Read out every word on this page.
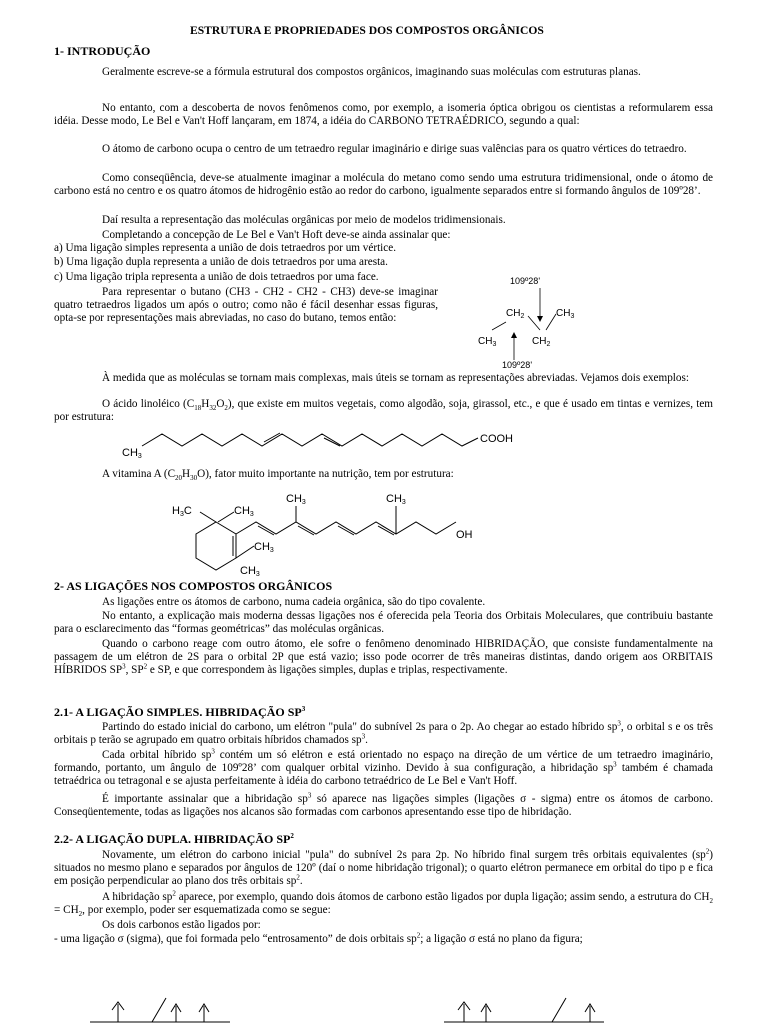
ESTRUTURA E PROPRIEDADES DOS COMPOSTOS ORGÂNICOS
1- INTRODUÇÃO
Geralmente escreve-se a fórmula estrutural dos compostos orgânicos, imaginando suas moléculas com estruturas planas.
No entanto, com a descoberta de novos fenômenos como, por exemplo, a isomeria óptica obrigou os cientistas a reformularem essa idéia. Desse modo, Le Bel e Van't Hoff lançaram, em 1874, a idéia do CARBONO TETRAÉDRICO, segundo a qual:
O átomo de carbono ocupa o centro de um tetraedro regular imaginário e dirige suas valências para os quatro vértices do tetraedro.
Como conseqüência, deve-se atualmente imaginar a molécula do metano como sendo uma estrutura tridimensional, onde o átomo de carbono está no centro e os quatro átomos de hidrogênio estão ao redor do carbono, igualmente separados entre si formando ângulos de 109º28’.
Daí resulta a representação das moléculas orgânicas por meio de modelos tridimensionais.
Completando a concepção de Le Bel e Van't Hoft deve-se ainda assinalar que:
a) Uma ligação simples representa a união de dois tetraedros por um vértice.
b) Uma ligação dupla representa a união de dois tetraedros por uma aresta.
c) Uma ligação tripla representa a união de dois tetraedros por uma face.
Para representar o butano (CH3 - CH2 - CH2 - CH3) deve-se imaginar quatro tetraedros ligados um após o outro; como não é fácil desenhar essas figuras, opta-se por representações mais abreviadas, no caso do butano, temos então:
109º28'
$CH_2$	$CH_3$
$CH_3$	$CH_2$
109º28'
À medida que as moléculas se tornam mais complexas, mais úteis se tornam as representações abreviadas. Vejamos dois exemplos:
O ácido linoléico $(C_{18}H_{32}O_2)$, que existe em muitos vegetais, como algodão, soja, girassol, etc., e que é usado em tintas e vernizes, tem por estrutura:
CH3
COOH
A vitamina A $(C_{20}H_{30}O)$, fator muito importante na nutrição, tem por estrutura:
H3C	CH3
CH3
CH3
CH3	CH3
OH
2- AS LIGAÇÕES NOS COMPOSTOS ORGÂNICOS
As ligações entre os átomos de carbono, numa cadeia orgânica, são do tipo covalente.
No entanto, a explicação mais moderna dessas ligações nos é oferecida pela Teoria dos Orbitais Moleculares, que contribuiu bastante para o esclarecimento das “formas geométricas” das moléculas orgânicas.
Quando o carbono reage com outro átomo, ele sofre o fenômeno denominado HIBRIDAÇÃO, que consiste fundamentalmente na passagem de um elétron de 2S para o orbital 2P que está vazio; isso pode ocorrer de três maneiras distintas, dando origem aos ORBITAIS HÍBRIDOS $SP^3$, $SP^2$ e SP, e que correspondem às ligações simples, duplas e triplas, respectivamente.
2.1- A LIGAÇÃO SIMPLES. HIBRIDAÇÃO $SP^3$
Partindo do estado inicial do carbono, um elétron "pula" do subnível 2s para o 2p. Ao chegar ao estado híbrido $sp^3$, o orbital s e os três orbitais p terão se agrupado em quatro orbitais híbridos chamados $sp^3$.
Cada orbital híbrido $sp^3$ contém um só elétron e está orientado no espaço na direção de um vértice de um tetraedro imaginário, formando, portanto, um ângulo de 109º28’ com qualquer orbital vizinho. Devido à sua configuração, a hibridação $sp^3$ também é chamada tetraédrica ou tetragonal e se ajusta perfeitamente à idéia do carbono tetraédrico de Le Bel e Van't Hoff.
É importante assinalar que a hibridação $sp^3$ só aparece nas ligações simples (ligações σ - sigma) entre os átomos de carbono. Conseqüentemente, todas as ligações nos alcanos são formadas com carbonos apresentando esse tipo de hibridação.
2.2- A LIGAÇÃO DUPLA. HIBRIDAÇÃO $SP^2$
Novamente, um elétron do carbono inicial "pula" do subnível 2s para 2p. No híbrido final surgem três orbitais equivalentes $(sp^2)$ situados no mesmo plano e separados por ângulos de 120º (daí o nome hibridação trigonal); o quarto elétron permanece em orbital do tipo p e fica em posição perpendicular ao plano dos três orbitais $sp^2$.
A hibridação $sp^2$ aparece, por exemplo, quando dois átomos de carbono estão ligados por dupla ligação; assim sendo, a estrutura do $CH_2 = CH_2$, por exemplo, poder ser esquematizada como se segue:
Os dois carbonos estão ligados por:
- uma ligação σ (sigma), que foi formada pelo “entrosamento” de dois orbitais $sp^2$; a ligação σ está no plano da figura;
